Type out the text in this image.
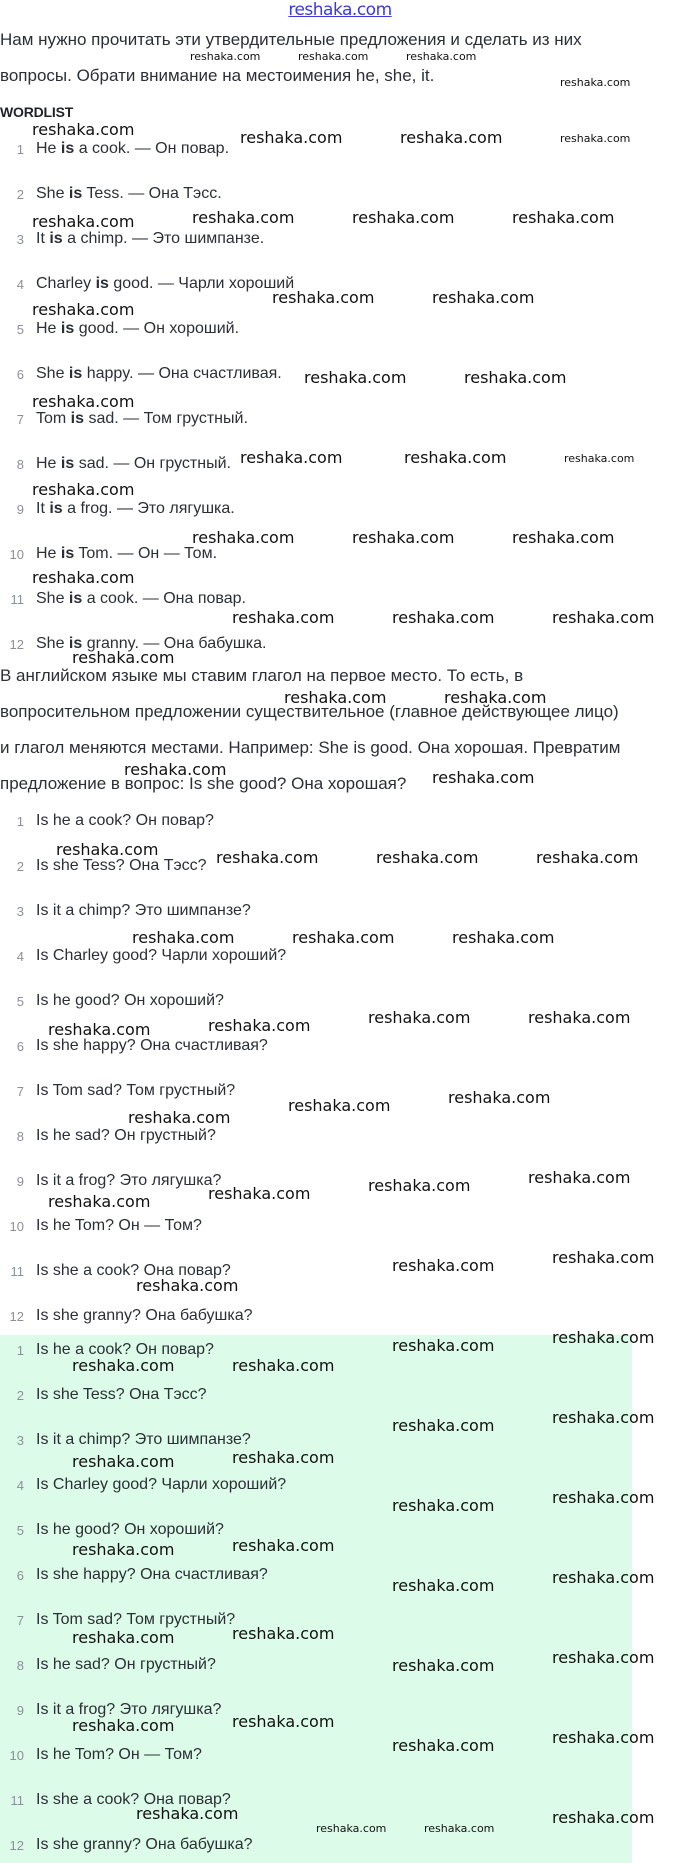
reshaka.com
Нам нужно прочитать эти утвердительные предложения и сделать из них
вопросы. Обрати внимание на местоимения he, she, it.
WORDLIST
1 He is a cook. — Он повар.
2 She is Tess. — Она Тэсс.
3 It is a chimp. — Это шимпанзе.
4 Charley is good. — Чарли хороший
5 He is good. — Он хороший.
6 She is happy. — Она счастливая.
7 Tom is sad. — Том грустный.
8 He is sad. — Он грустный.
9 It is a frog. — Это лягушка.
10 He is Tom. — Он — Том.
11 She is a cook. — Она повар.
12 She is granny. — Она бабушка.
В английском языке мы ставим глагол на первое место. То есть, в
вопросительном предложении существительное (главное действующее лицо)
и глагол меняются местами. Например: She is good. Она хорошая. Превратим
предложение в вопрос: Is she good? Она хорошая?
1 Is he a cook? Он повар?
2 Is she Tess? Она Тэсс?
3 Is it a chimp? Это шимпанзе?
4 Is Charley good? Чарли хороший?
5 Is he good? Он хороший?
6 Is she happy? Она счастливая?
7 Is Tom sad? Том грустный?
8 Is he sad? Он грустный?
9 Is it a frog? Это лягушка?
10 Is he Tom? Он — Том?
11 Is she a cook? Она повар?
12 Is she granny? Она бабушка?
1 Is he a cook? Он повар?
2 Is she Tess? Она Тэсс?
3 Is it a chimp? Это шимпанзе?
4 Is Charley good? Чарли хороший?
5 Is he good? Он хороший?
6 Is she happy? Она счастливая?
7 Is Tom sad? Том грустный?
8 Is he sad? Он грустный?
9 Is it a frog? Это лягушка?
10 Is he Tom? Он — Том?
11 Is she a cook? Она повар?
12 Is she granny? Она бабушка?
reshaka.com	reshaka.com	reshaka.com
reshaka.com
reshaka.com	reshaka.com	reshaka.com	reshaka.com
reshaka.com	reshaka.com	reshaka.com	reshaka.com
reshaka.com	reshaka.com
reshaka.com
reshaka.com	reshaka.com
reshaka.com
reshaka.com	reshaka.com	reshaka.com
reshaka.com
reshaka.com	reshaka.com	reshaka.com
reshaka.com
reshaka.com	reshaka.com	reshaka.com
reshaka.com
reshaka.com
reshaka.com	reshaka.com
reshaka.com
reshaka.com	reshaka.com	reshaka.com	reshaka.com
reshaka.com	reshaka.com	reshaka.com
reshaka.com	reshaka.com	reshaka.com	reshaka.com
reshaka.com
reshaka.com	reshaka.com
reshaka.com	reshaka.com	reshaka.com	reshaka.com
reshaka.com
reshaka.com	reshaka.com
reshaka.com	reshaka.com
reshaka.com	reshaka.com
reshaka.com	reshaka.com
reshaka.com	reshaka.com
reshaka.com	reshaka.com
reshaka.com	reshaka.com
reshaka.com	reshaka.com
reshaka.com	reshaka.com
reshaka.com	reshaka.com
reshaka.com	reshaka.com
reshaka.com	reshaka.com
reshaka.com
reshaka.com	reshaka.com
reshaka.com
